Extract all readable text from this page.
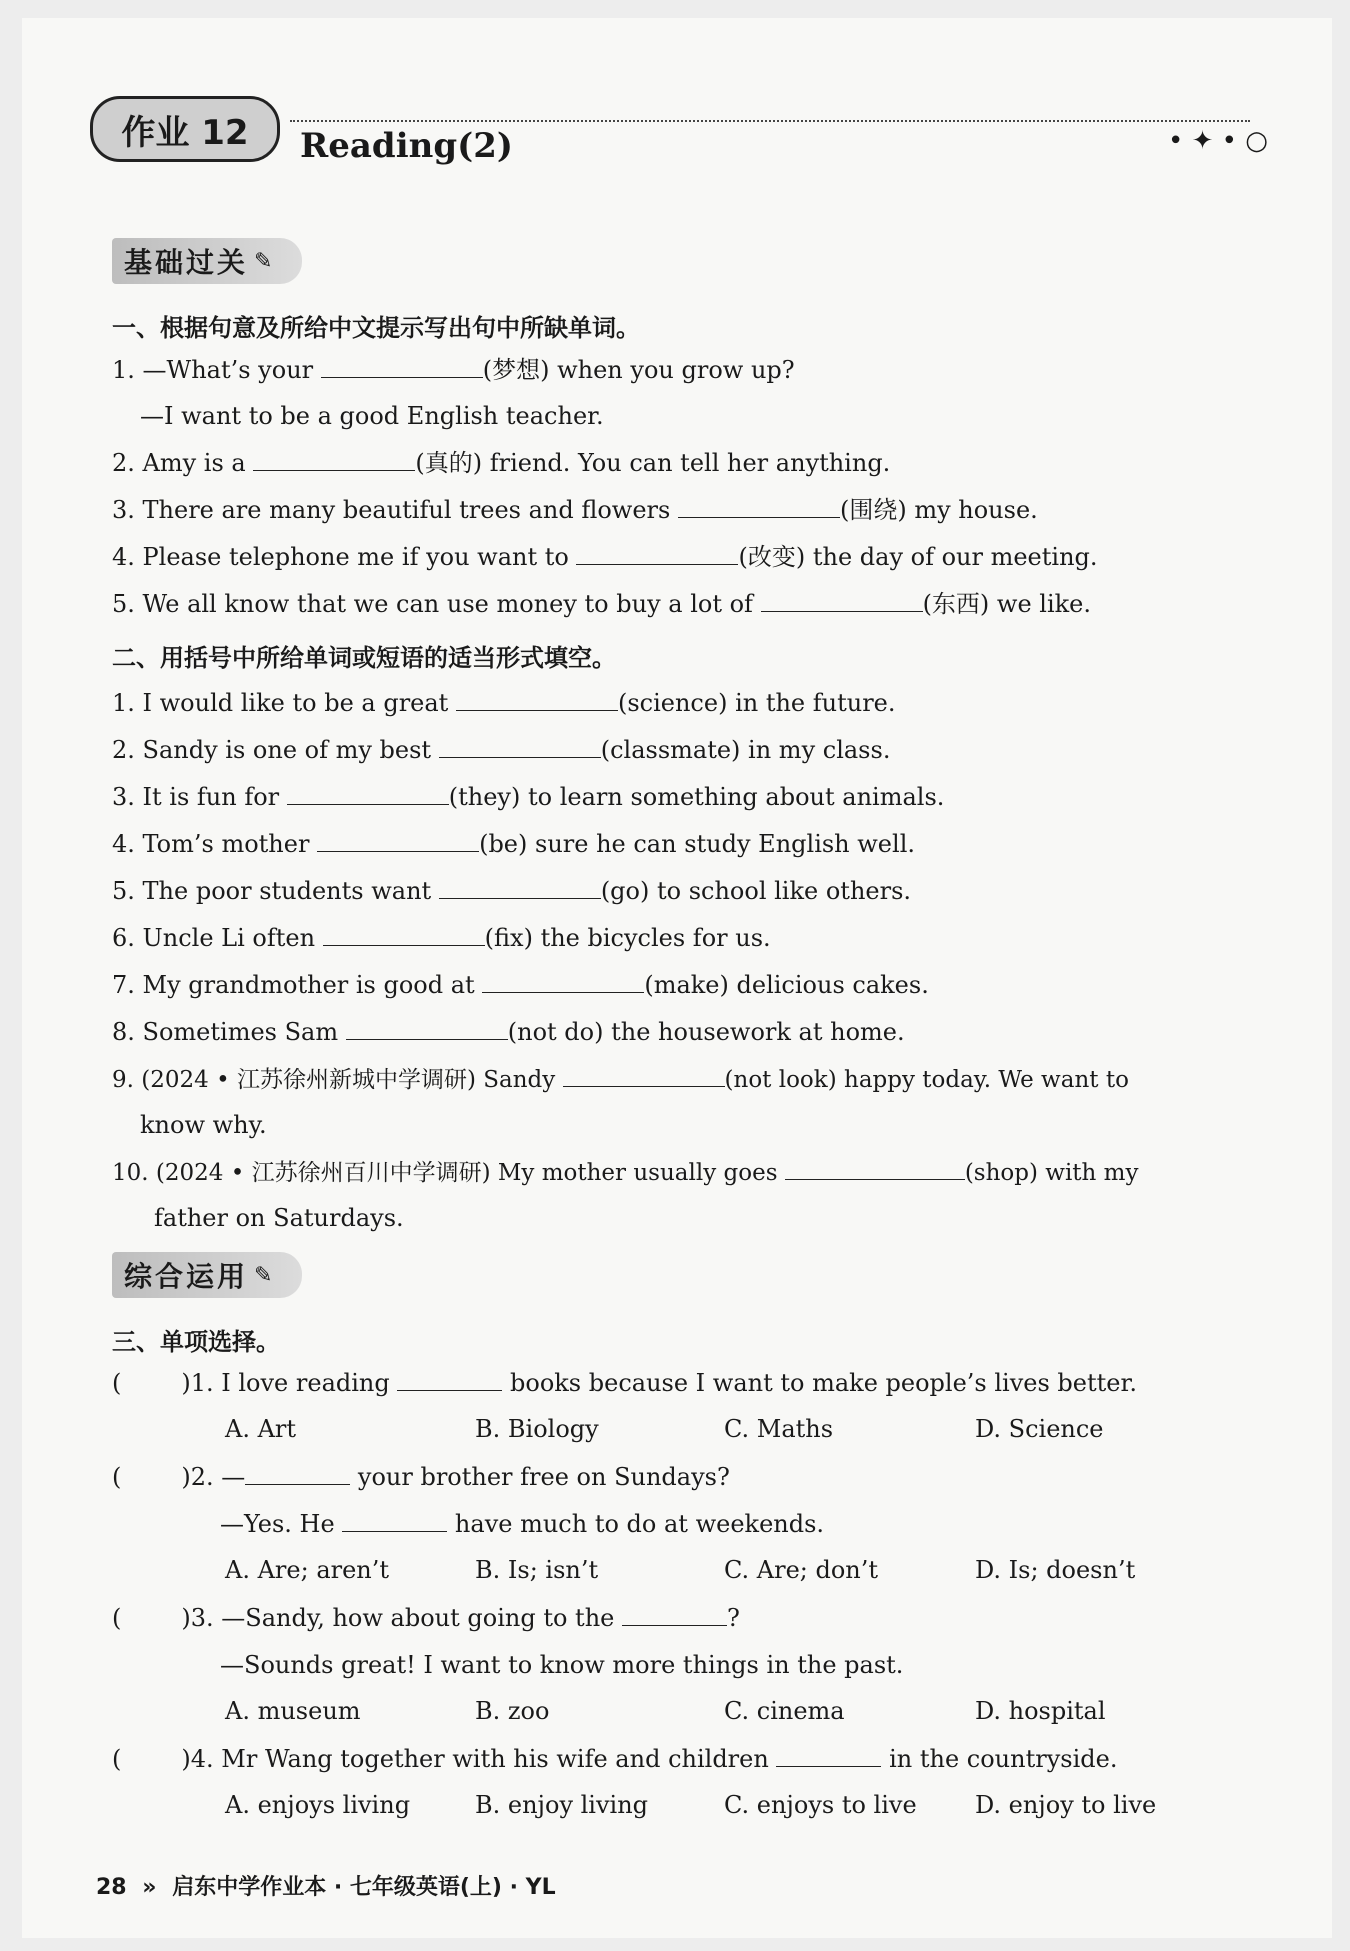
作业 12 Reading(2)	• ✦ • ○
基础过关 ✎
一、根据句意及所给中文提示写出句中所缺单词。
1. —What’s your	(梦想) when you grow up?
—I want to be a good English teacher.
2. Amy is a	(真的) friend. You can tell her anything.
3. There are many beautiful trees and flowers	(围绕) my house.
4. Please telephone me if you want to	(改变) the day of our meeting.
5. We all know that we can use money to buy a lot of	(东西) we like.
二、用括号中所给单词或短语的适当形式填空。
1. I would like to be a great	(science) in the future.
2. Sandy is one of my best	(classmate) in my class.
3. It is fun for	(they) to learn something about animals.
4. Tom’s mother	(be) sure he can study English well.
5. The poor students want	(go) to school like others.
6. Uncle Li often	(fix) the bicycles for us.
7. My grandmother is good at	(make) delicious cakes.
8. Sometimes Sam	(not do) the housework at home.
9. (2024 • 江苏徐州新城中学调研) Sandy	(not look) happy today. We want to
know why.
10. (2024 • 江苏徐州百川中学调研) My mother usually goes	(shop) with my
father on Saturdays.
综合运用 ✎
三、单项选择。
(	)1. I love reading	books because I want to make people’s lives better.
A. Art	B. Biology	C. Maths	D. Science
(	)2. —	your brother free on Sundays?
—Yes. He	have much to do at weekends.
A. Are; aren’t	B. Is; isn’t	C. Are; don’t	D. Is; doesn’t
(	)3. —Sandy, how about going to the	?
—Sounds great! I want to know more things in the past.
A. museum	B. zoo	C. cinema	D. hospital
(	)4. Mr Wang together with his wife and children	in the countryside.
A. enjoys living	B. enjoy living	C. enjoys to live D. enjoy to live
28 » 启东中学作业本 · 七年级英语(上) · YL
